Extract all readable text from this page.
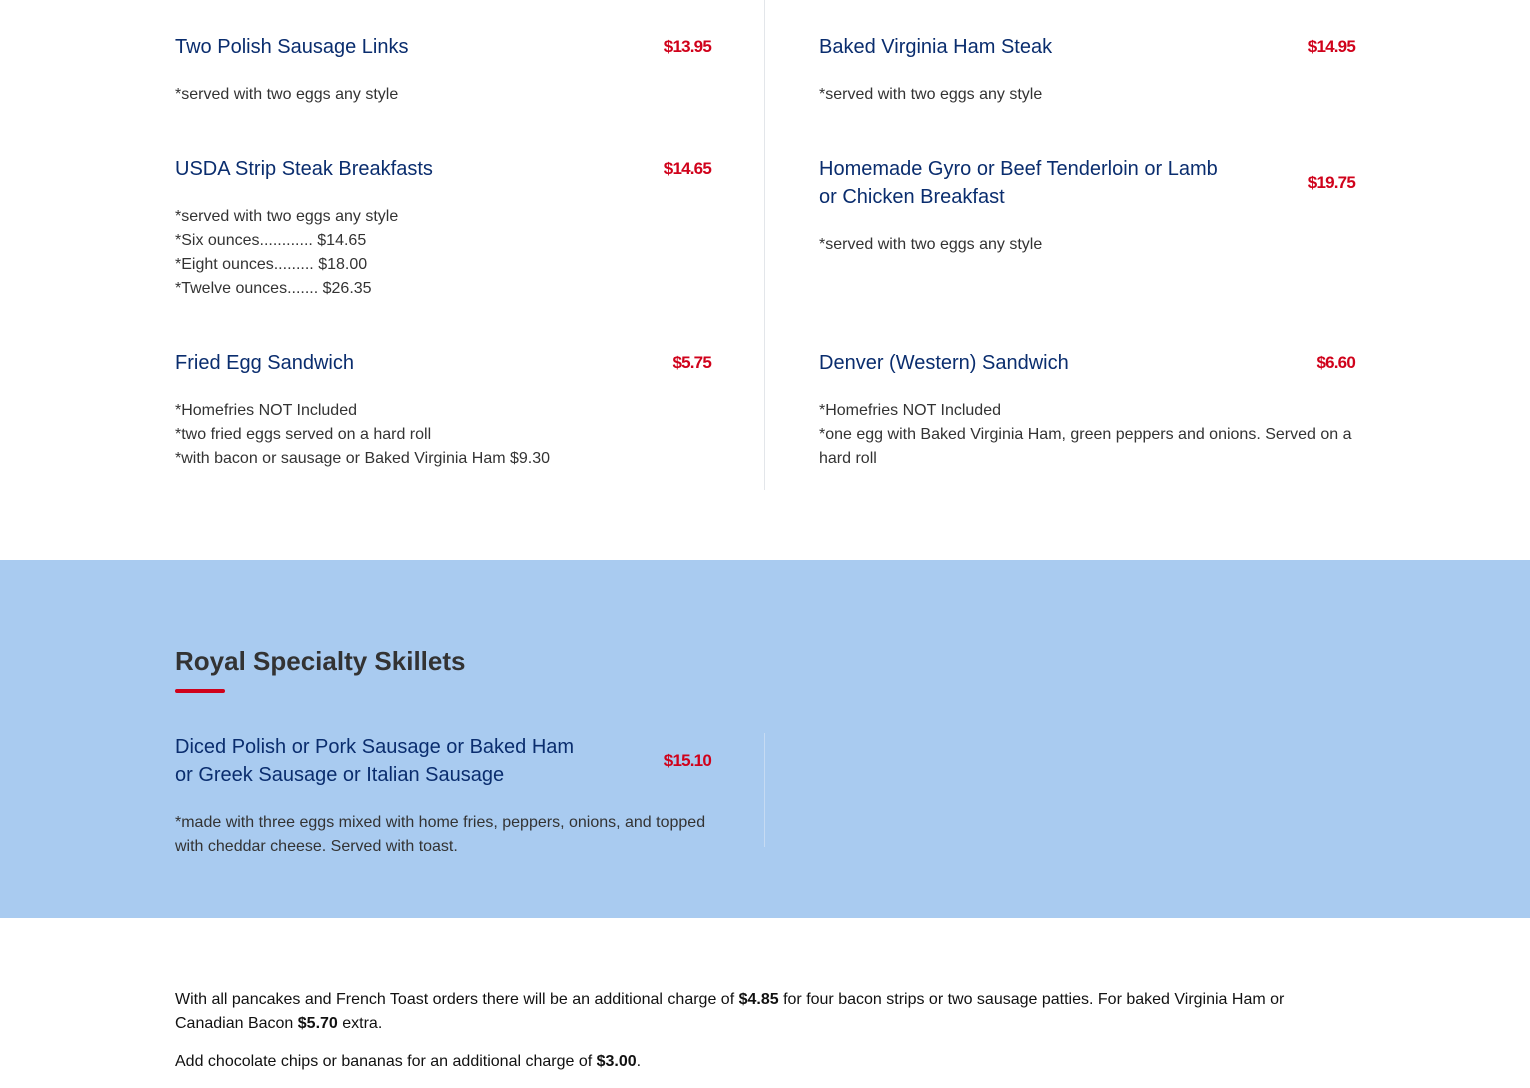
Two Polish Sausage Links	$13.95
*served with two eggs any style
Baked Virginia Ham Steak	$14.95
*served with two eggs any style
USDA Strip Steak Breakfasts	$14.65
*served with two eggs any style
*Six ounces............ $14.65
*Eight ounces......... $18.00
*Twelve ounces....... $26.35
Homemade Gyro or Beef Tenderloin or Lamb or Chicken Breakfast
$19.75
*served with two eggs any style
Fried Egg Sandwich	$5.75
*Homefries NOT Included
*two fried eggs served on a hard roll
*with bacon or sausage or Baked Virginia Ham $9.30
Denver (Western) Sandwich	$6.60
*Homefries NOT Included
*one egg with Baked Virginia Ham, green peppers and onions. Served on a hard roll
Royal Specialty Skillets
Diced Polish or Pork Sausage or Baked Ham or Greek Sausage or Italian Sausage
$15.10
*made with three eggs mixed with home fries, peppers, onions, and topped with cheddar cheese. Served with toast.

With all pancakes and French Toast orders there will be an additional charge of $4.85 for four bacon strips or two sausage patties. For baked Virginia Ham or Canadian Bacon $5.70 extra.

Add chocolate chips or bananas for an additional charge of $3.00.
